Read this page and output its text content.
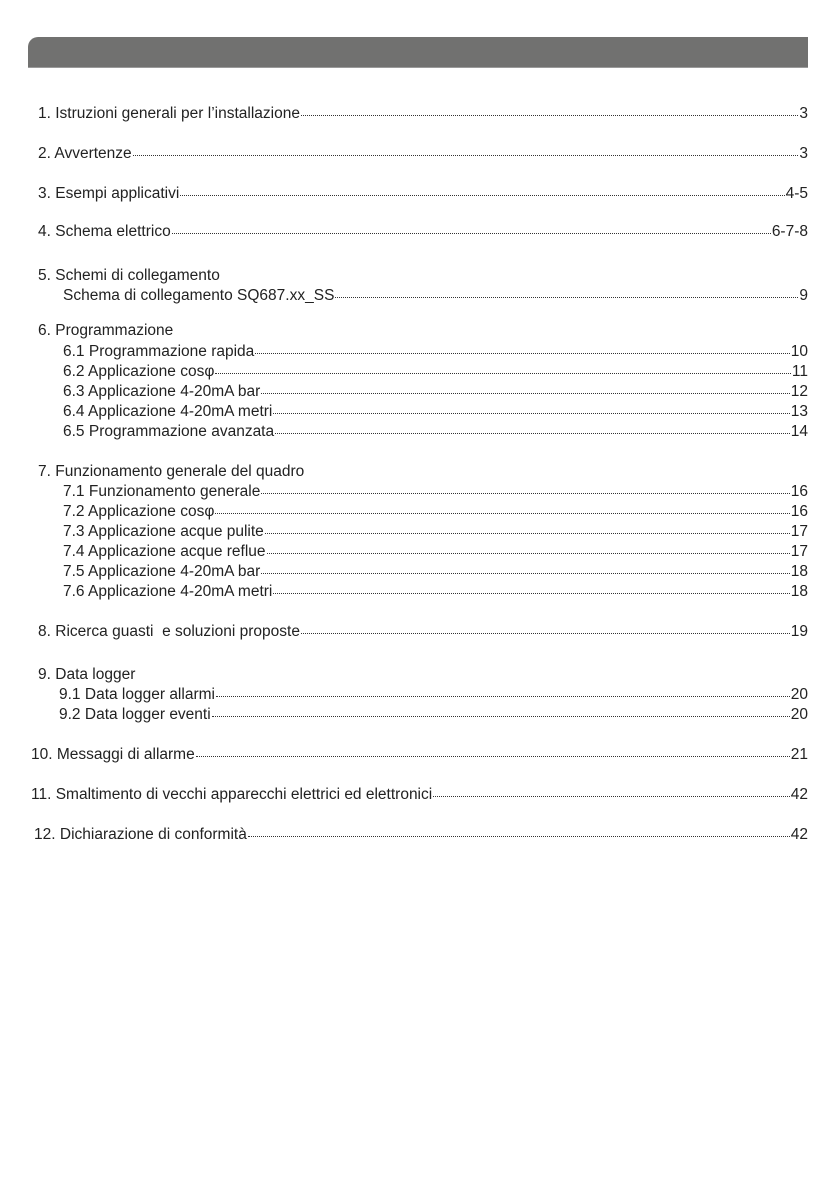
1. Istruzioni generali per l’installazione	3
2. Avvertenze	3
3. Esempi applicativi	4-5
4. Schema elettrico	6-7-8
5. Schemi di collegamento
Schema di collegamento SQ687.xx_SS	9
6. Programmazione
6.1 Programmazione rapida	10
6.2 Applicazione cosφ	11
6.3 Applicazione 4-20mA bar	12
6.4 Applicazione 4-20mA metri	13
6.5 Programmazione avanzata	14
7. Funzionamento generale del quadro
7.1 Funzionamento generale	16
7.2 Applicazione cosφ	16
7.3 Applicazione acque pulite	17
7.4 Applicazione acque reflue	17
7.5 Applicazione 4-20mA bar	18
7.6 Applicazione 4-20mA metri	18
8. Ricerca guasti  e soluzioni proposte	19
9. Data logger
9.1 Data logger allarmi	20
9.2 Data logger eventi	20
10. Messaggi di allarme	21
11. Smaltimento di vecchi apparecchi elettrici ed elettronici	42
12. Dichiarazione di conformità	42
